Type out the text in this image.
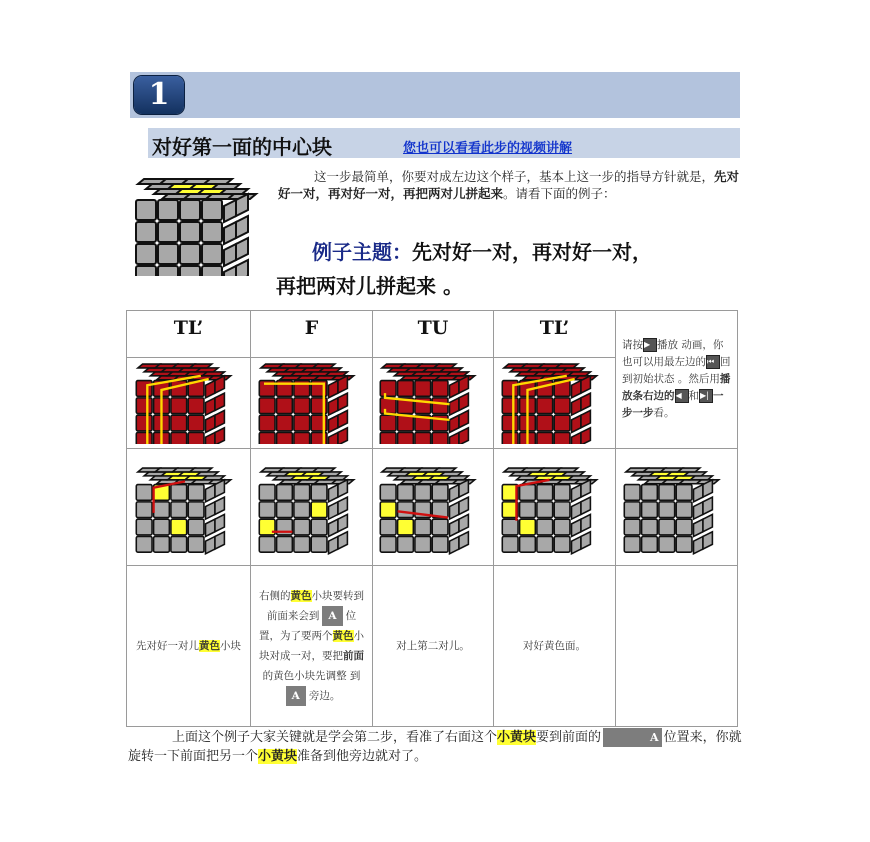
1
对好第一面的中心块	您也可以看看此步的视频讲解
这一步最简单，你要对成左边这个样子，基本上这一步的指导方针就是，先对好一对，再对好一对，再把两对儿拼起来。请看下面的例子：
例子主题：先对好一对，再对好一对，
再把两对儿拼起来 。
TL’	F	TU	TL’	请按▶ 播放 动画，你也可以用最左边的⏮ 回到初始状态 。然后用播放条右边的◀ 和▶| 一步一步看。

先对好一对儿黄色小块	右侧的黄色小块要转到前面来会到 A 位置，为了要两个黄色小块对成一对，要把前面的黄色小块先调整 到A 旁边。	对上第二对儿。	对好黄色面。	
上面这个例子大家关键就是学会第二步，看准了右面这个小黄块要到前面的	A 位置来，你就旋转一下前面把另一个小黄块准备到他旁边就对了。
